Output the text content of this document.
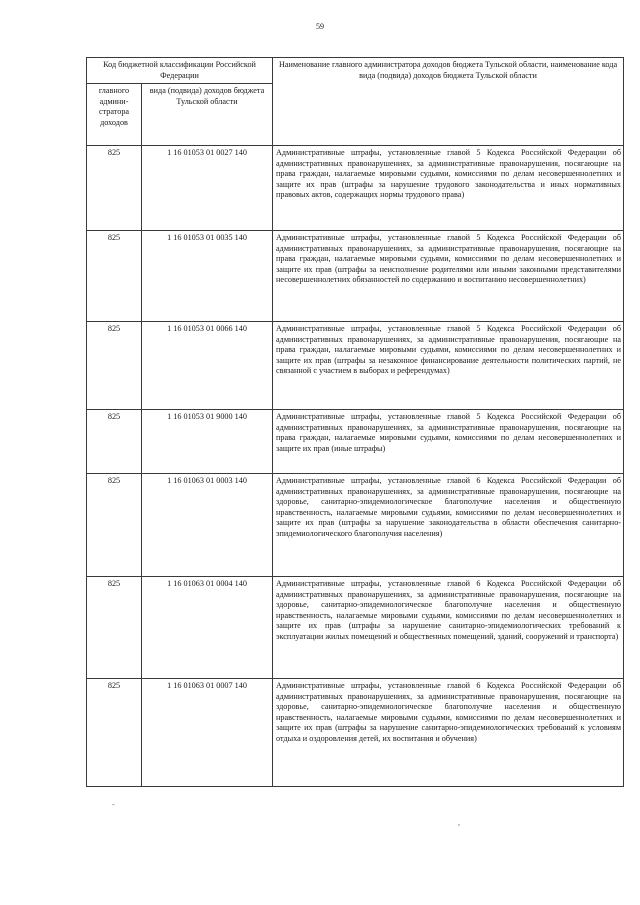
59
Код бюджетной классификации Российской Федерации		Наименование главного администратора доходов бюджета Тульской области, наименование кода вида (подвида) доходов бюджета Тульской области
главного админи-стратора доходов	вида (подвида) доходов бюджета Тульской области	
825	1 16 01053 01 0027 140	Административные штрафы, установленные главой 5 Кодекса Российской Федерации об административных правонарушениях, за административные правонарушения, посягающие на права граждан, налагаемые мировыми судьями, комиссиями по делам несовершеннолетних и защите их прав (штрафы за нарушение трудового законодательства и иных нормативных правовых актов, содержащих нормы трудового права)
825	1 16 01053 01 0035 140	Административные штрафы, установленные главой 5 Кодекса Российской Федерации об административных правонарушениях, за административные правонарушения, посягающие на права граждан, налагаемые мировыми судьями, комиссиями по делам несовершеннолетних и защите их прав (штрафы за неисполнение родителями или иными законными представителями несовершеннолетних обязанностей по содержанию и воспитанию несовершеннолетних)
825	1 16 01053 01 0066 140	Административные штрафы, установленные главой 5 Кодекса Российской Федерации об административных правонарушениях, за административные правонарушения, посягающие на права граждан, налагаемые мировыми судьями, комиссиями по делам несовершеннолетних и защите их прав (штрафы за незаконное финансирование деятельности политических партий, не связанной с участием в выборах и референдумах)
825	1 16 01053 01 9000 140	Административные штрафы, установленные главой 5 Кодекса Российской Федерации об административных правонарушениях, за административные правонарушения, посягающие на права граждан, налагаемые мировыми судьями, комиссиями по делам несовершеннолетних и защите их прав (иные штрафы)
825	1 16 01063 01 0003 140	Административные штрафы, установленные главой 6 Кодекса Российской Федерации об административных правонарушениях, за административные правонарушения, посягающие на здоровье, санитарно-эпидемиологическое благополучие населения и общественную нравственность, налагаемые мировыми судьями, комиссиями по делам несовершеннолетних и защите их прав (штрафы за нарушение законодательства в области обеспечения санитарно-эпидемиологического благополучия населения)
825	1 16 01063 01 0004 140	Административные штрафы, установленные главой 6 Кодекса Российской Федерации об административных правонарушениях, за административные правонарушения, посягающие на здоровье, санитарно-эпидемиологическое благополучие населения и общественную нравственность, налагаемые мировыми судьями, комиссиями по делам несовершеннолетних и защите их прав (штрафы за нарушение санитарно-эпидемиологических требований к эксплуатации жилых помещений и общественных помещений, зданий, сооружений и транспорта)
825	1 16 01063 01 0007 140	Административные штрафы, установленные главой 6 Кодекса Российской Федерации об административных правонарушениях, за административные правонарушения, посягающие на здоровье, санитарно-эпидемиологическое благополучие населения и общественную нравственность, налагаемые мировыми судьями, комиссиями по делам несовершеннолетних и защите их прав (штрафы за нарушение санитарно-эпидемиологических требований к условиям отдыха и оздоровления детей, их воспитания и обучения)
-
,
